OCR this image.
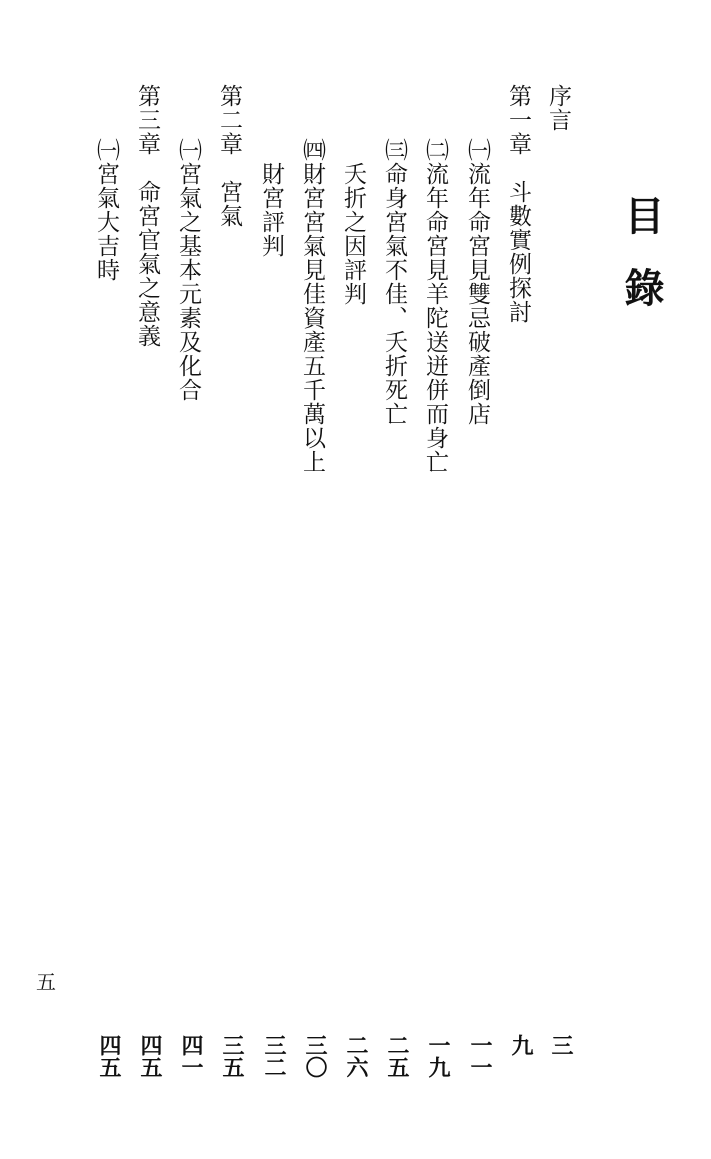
目錄
序言
三
第一章　斗數實例探討
九
㈠流年命宮見雙忌破產倒店
一一
㈡流年命宮見羊陀送迸併而身亡
一九
㈢命身宮氣不佳、夭折死亡
二五
夭折之因評判
二六
㈣財宮宮氣見佳資產五千萬以上
三〇
財宮評判
三二
第二章　宮氣
三五
㈠宮氣之基本元素及化合
四一
第三章　命宮官氣之意義
四五
㈠宮氣大吉時
四五
五
